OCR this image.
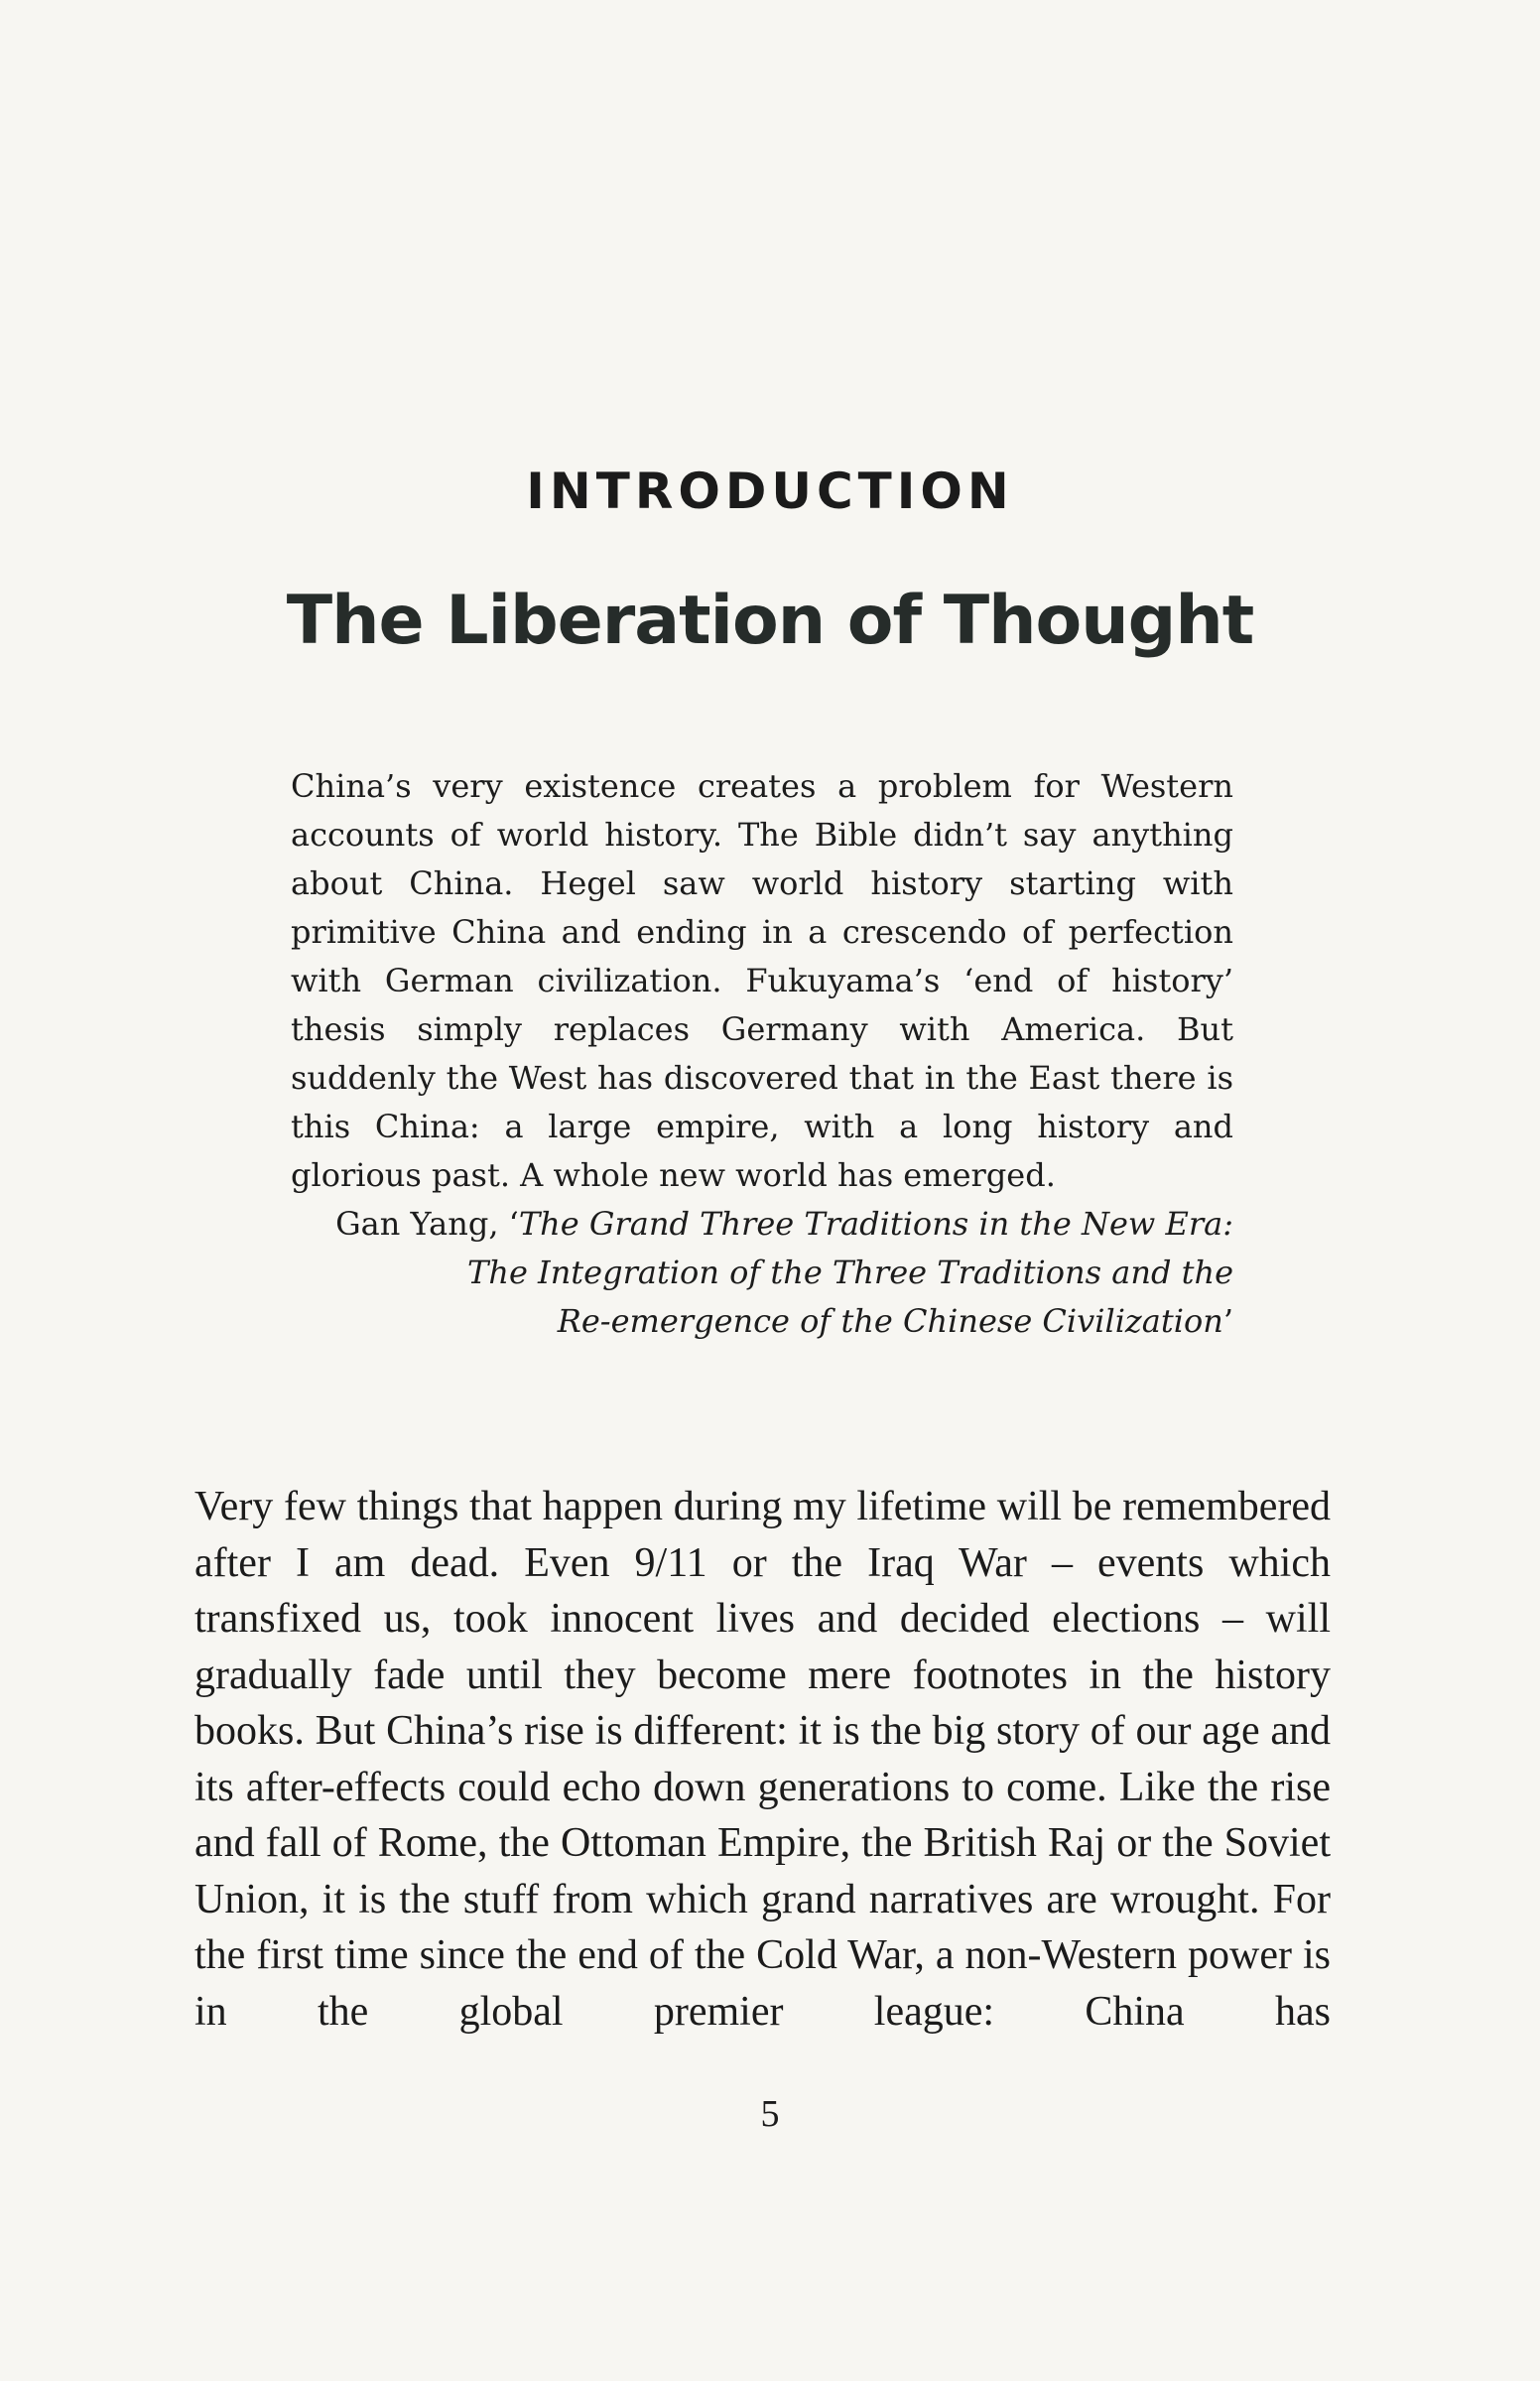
INTRODUCTION
The Liberation of Thought

China’s very existence creates a problem for Western accounts of world history. The Bible didn’t say anything about China. Hegel saw world history starting with primitive China and ending in a crescendo of perfection with German civilization. Fukuyama’s ‘end of history’ thesis simply replaces Germany with America. But suddenly the West has discovered that in the East there is this China: a large empire, with a long history and glorious past. A whole new world has emerged.

Gan Yang, ‘The Grand Three Traditions in the New Era:
The Integration of the Three Traditions and the
Re-emergence of the Chinese Civilization’

Very few things that happen during my lifetime will be remembered after I am dead. Even 9/11 or the Iraq War – events which transfixed us, took innocent lives and decided elections – will gradually fade until they become mere footnotes in the history books. But China’s rise is different: it is the big story of our age and its after-effects could echo down generations to come. Like the rise and fall of Rome, the Ottoman Empire, the British Raj or the Soviet Union, it is the stuff from which grand narratives are wrought. For the first time since the end of the Cold War, a non-Western power is in the global premier league: China has

5
